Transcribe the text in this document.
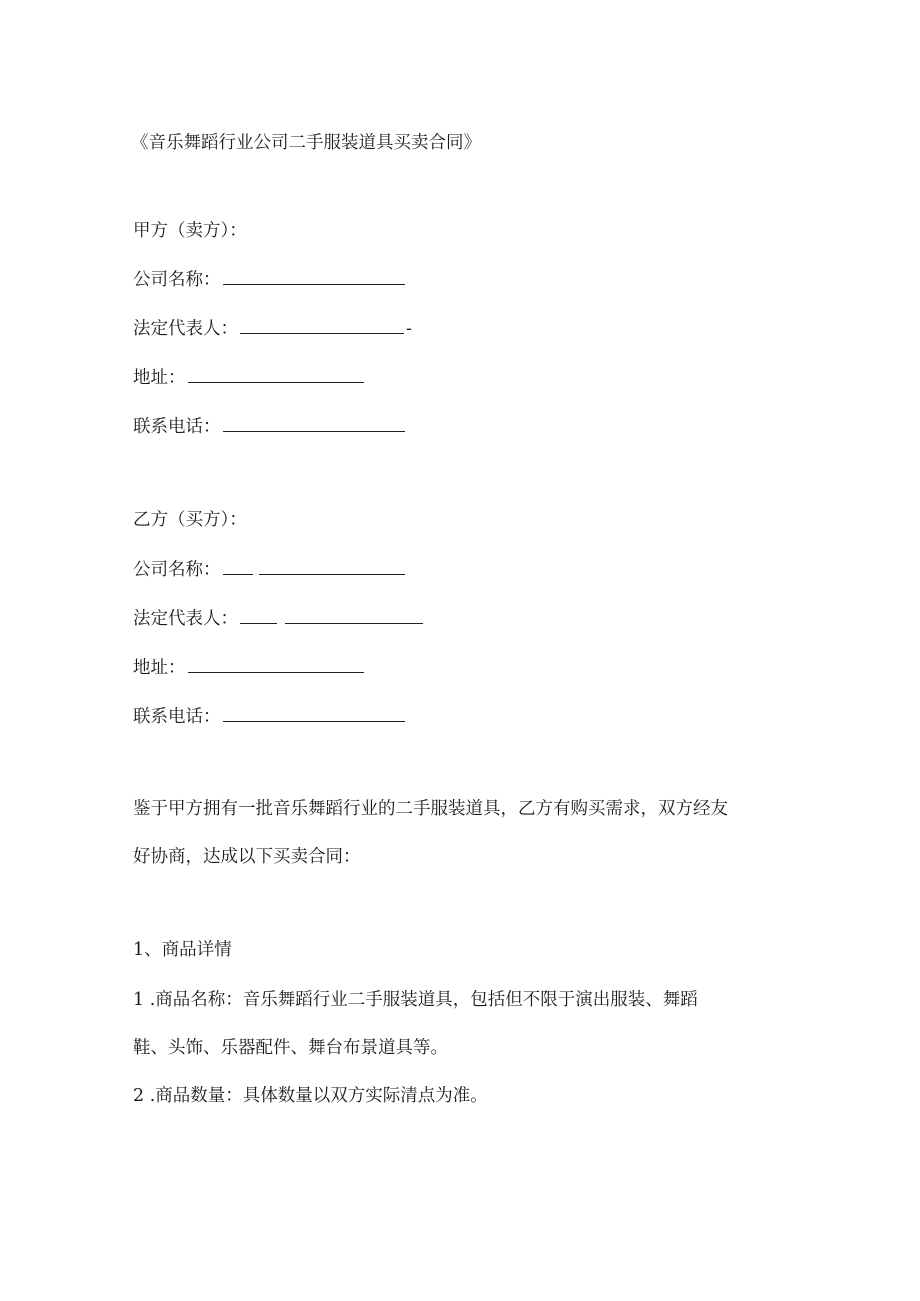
《音乐舞蹈行业公司二手服装道具买卖合同》

甲方（卖方）：

公司名称：

法定代表人：	-

地址：

联系电话：

乙方（买方）：

公司名称：

法定代表人：

地址：

联系电话：

鉴于甲方拥有一批音乐舞蹈行业的二手服装道具，乙方有购买需求，双方经友

好协商，达成以下买卖合同：

1、商品详情

1 .商品名称：音乐舞蹈行业二手服装道具，包括但不限于演出服装、舞蹈

鞋、头饰、乐器配件、舞台布景道具等。

2 .商品数量：具体数量以双方实际清点为准。
